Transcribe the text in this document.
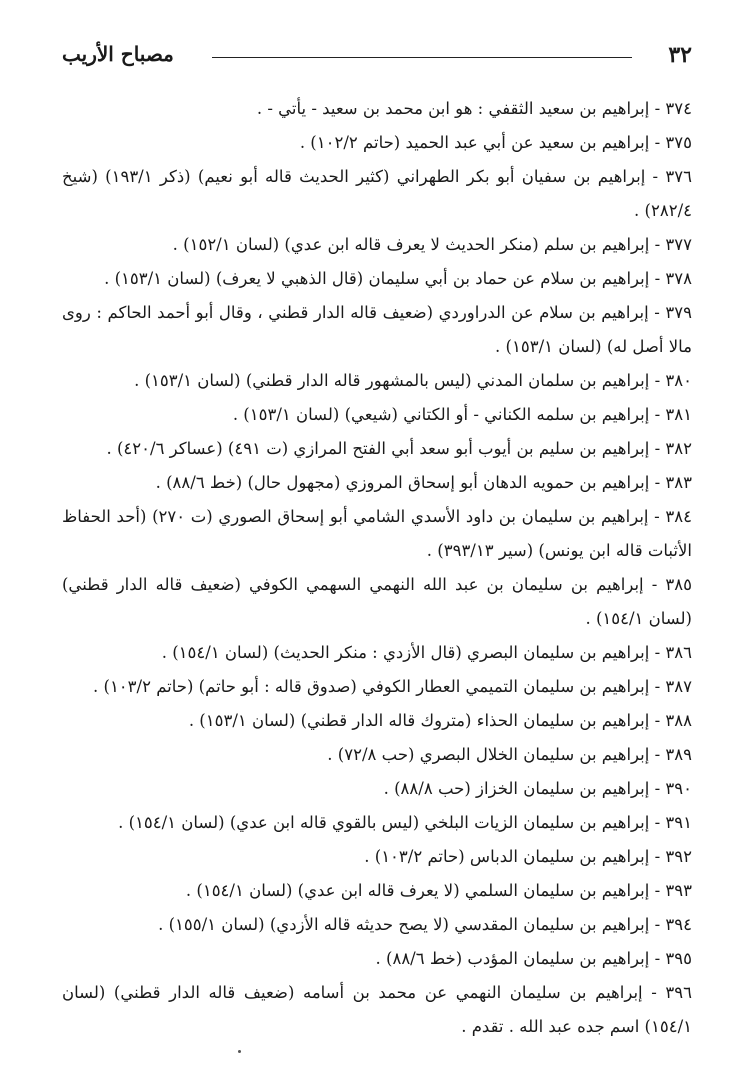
٣٢
مصباح الأريب
٣٧٤ - إبراهيم بن سعيد الثقفي : هو ابن محمد بن سعيد - يأتي - .
٣٧٥ - إبراهيم بن سعيد عن أبي عبد الحميد (حاتم ١٠٢/٢) .
٣٧٦ - إبراهيم بن سفيان أبو بكر الطهراني (كثير الحديث قاله أبو نعيم) (ذكر ١٩٣/١) (شيخ ٢٨٢/٤) .
٣٧٧ - إبراهيم بن سلم (منكر الحديث لا يعرف قاله ابن عدي) (لسان ١٥٢/١) .
٣٧٨ - إبراهيم بن سلام عن حماد بن أبي سليمان (قال الذهبي لا يعرف) (لسان ١٥٣/١) .
٣٧٩ - إبراهيم بن سلام عن الدراوردي (ضعيف قاله الدار قطني ، وقال أبو أحمد الحاكم : روى مالا أصل له) (لسان ١٥٣/١) .
٣٨٠ - إبراهيم بن سلمان المدني (ليس بالمشهور قاله الدار قطني) (لسان ١٥٣/١) .
٣٨١ - إبراهيم بن سلمه الكناني - أو الكتاني (شيعي) (لسان ١٥٣/١) .
٣٨٢ - إبراهيم بن سليم بن أيوب أبو سعد أبي الفتح المرازي (ت ٤٩١) (عساكر ٤٢٠/٦) .
٣٨٣ - إبراهيم بن حمويه الدهان أبو إسحاق المروزي (مجهول حال) (خط ٨٨/٦) .
٣٨٤ - إبراهيم بن سليمان بن داود الأسدي الشامي أبو إسحاق الصوري (ت ٢٧٠) (أحد الحفاظ الأثبات قاله ابن يونس) (سير ٣٩٣/١٣) .
٣٨٥ - إبراهيم بن سليمان بن عبد الله النهمي السهمي الكوفي (ضعيف قاله الدار قطني) (لسان ١٥٤/١) .
٣٨٦ - إبراهيم بن سليمان البصري (قال الأزدي : منكر الحديث) (لسان ١٥٤/١) .
٣٨٧ - إبراهيم بن سليمان التميمي العطار الكوفي (صدوق قاله : أبو حاتم) (حاتم ١٠٣/٢) .
٣٨٨ - إبراهيم بن سليمان الحذاء (متروك قاله الدار قطني) (لسان ١٥٣/١) .
٣٨٩ - إبراهيم بن سليمان الخلال البصري (حب ٧٢/٨) .
٣٩٠ - إبراهيم بن سليمان الخزاز (حب ٨٨/٨) .
٣٩١ - إبراهيم بن سليمان الزيات البلخي (ليس بالقوي قاله ابن عدي) (لسان ١٥٤/١) .
٣٩٢ - إبراهيم بن سليمان الدباس (حاتم ١٠٣/٢) .
٣٩٣ - إبراهيم بن سليمان السلمي (لا يعرف قاله ابن عدي) (لسان ١٥٤/١) .
٣٩٤ - إبراهيم بن سليمان المقدسي (لا يصح حديثه قاله الأزدي) (لسان ١٥٥/١) .
٣٩٥ - إبراهيم بن سليمان المؤدب (خط ٨٨/٦) .
٣٩٦ - إبراهيم بن سليمان النهمي عن محمد بن أسامه (ضعيف قاله الدار قطني) (لسان ١٥٤/١) اسم جده عبد الله . تقدم .
